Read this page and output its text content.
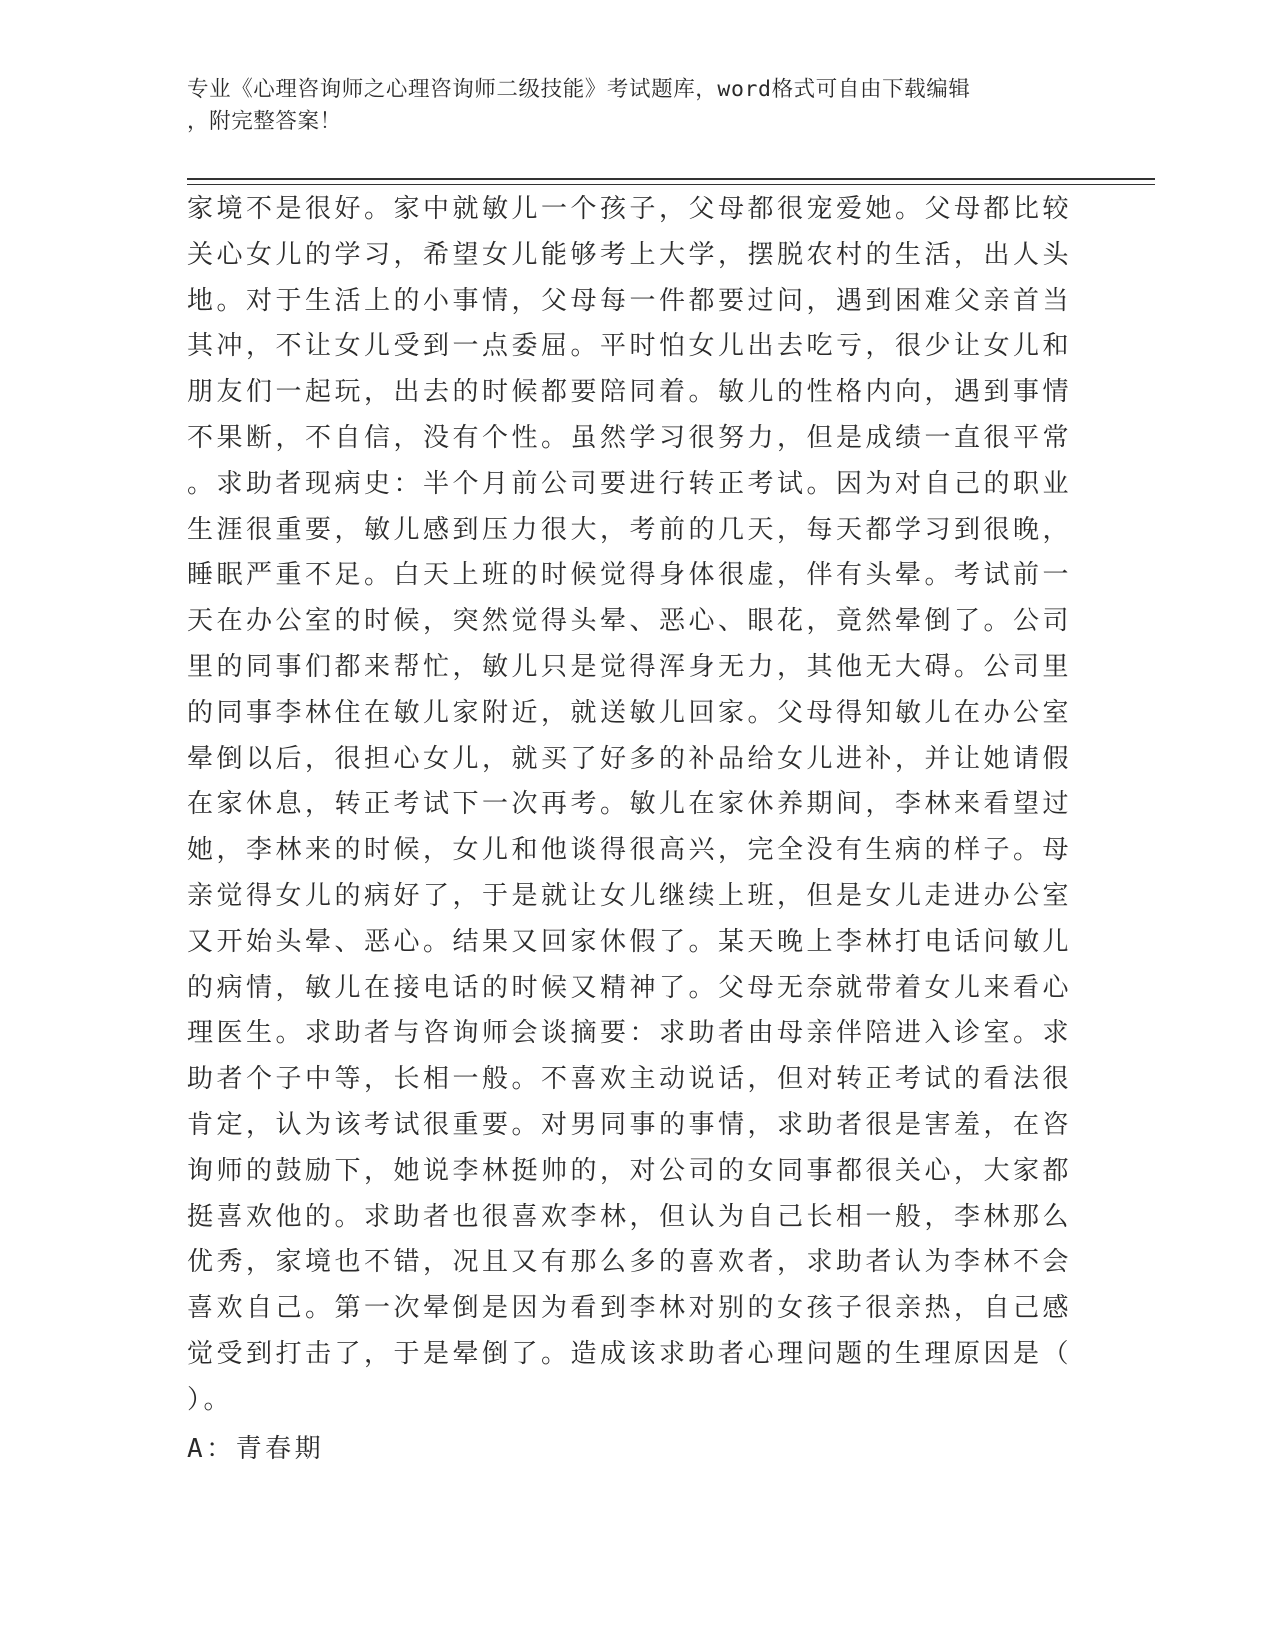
专业《心理咨询师之心理咨询师二级技能》考试题库，word格式可自由下载编辑
，附完整答案！
家境不是很好。家中就敏儿一个孩子，父母都很宠爱她。父母都比较
关心女儿的学习，希望女儿能够考上大学，摆脱农村的生活，出人头
地。对于生活上的小事情，父母每一件都要过问，遇到困难父亲首当
其冲，不让女儿受到一点委屈。平时怕女儿出去吃亏，很少让女儿和
朋友们一起玩，出去的时候都要陪同着。敏儿的性格内向，遇到事情
不果断，不自信，没有个性。虽然学习很努力，但是成绩一直很平常
。求助者现病史：半个月前公司要进行转正考试。因为对自己的职业
生涯很重要，敏儿感到压力很大，考前的几天，每天都学习到很晚，
睡眠严重不足。白天上班的时候觉得身体很虚，伴有头晕。考试前一
天在办公室的时候，突然觉得头晕、恶心、眼花，竟然晕倒了。公司
里的同事们都来帮忙，敏儿只是觉得浑身无力，其他无大碍。公司里
的同事李林住在敏儿家附近，就送敏儿回家。父母得知敏儿在办公室
晕倒以后，很担心女儿，就买了好多的补品给女儿进补，并让她请假
在家休息，转正考试下一次再考。敏儿在家休养期间，李林来看望过
她，李林来的时候，女儿和他谈得很高兴，完全没有生病的样子。母
亲觉得女儿的病好了，于是就让女儿继续上班，但是女儿走进办公室
又开始头晕、恶心。结果又回家休假了。某天晚上李林打电话问敏儿
的病情，敏儿在接电话的时候又精神了。父母无奈就带着女儿来看心
理医生。求助者与咨询师会谈摘要：求助者由母亲伴陪进入诊室。求
助者个子中等，长相一般。不喜欢主动说话，但对转正考试的看法很
肯定，认为该考试很重要。对男同事的事情，求助者很是害羞，在咨
询师的鼓励下，她说李林挺帅的，对公司的女同事都很关心，大家都
挺喜欢他的。求助者也很喜欢李林，但认为自己长相一般，李林那么
优秀，家境也不错，况且又有那么多的喜欢者，求助者认为李林不会
喜欢自己。第一次晕倒是因为看到李林对别的女孩子很亲热，自己感
觉受到打击了，于是晕倒了。造成该求助者心理问题的生理原因是（
）。
A：青春期
